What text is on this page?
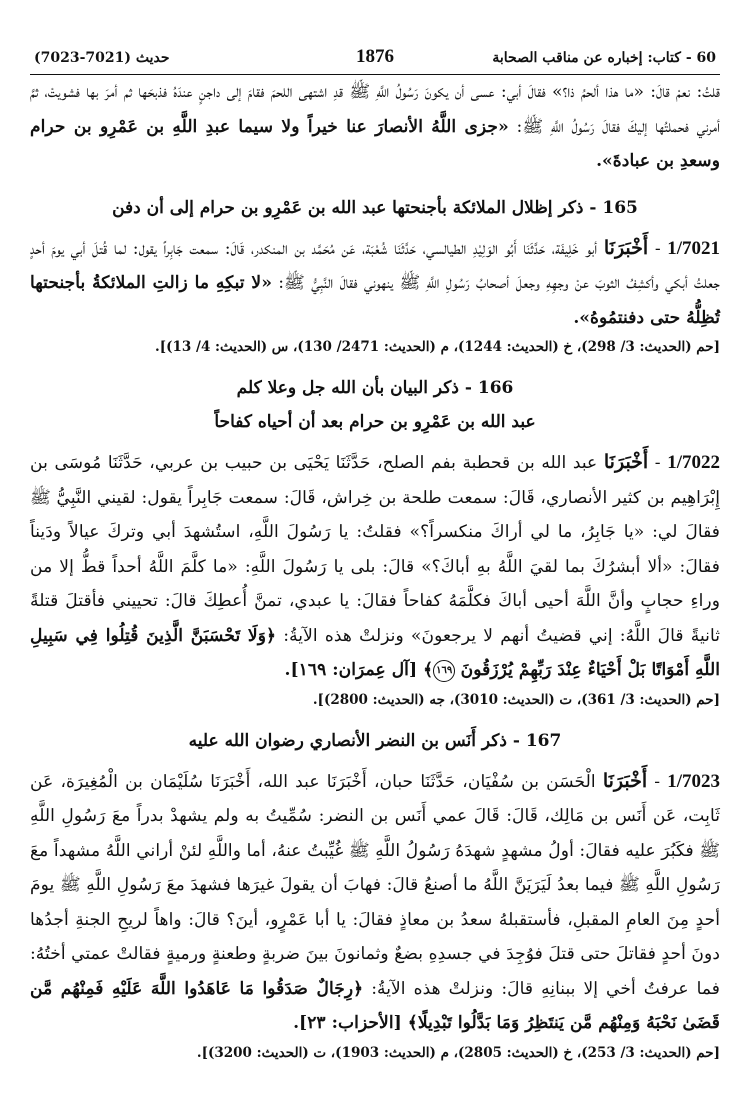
60 - كتاب: إخباره عن مناقب الصحابة
1876
حديث (7021-7023)

قلتُ: نعمْ قالَ: «ما هذا ألحمُ ذا؟» فقالَ أبي: عسى أن يكونَ رَسُولُ اللَّهِ ﷺ قدِ اشتهى اللحمَ فقامَ إلى داجنٍ عندَهُ فذبحَها ثم أمرَ بها فشويتْ، ثمَّ أمرني فحملتُها إليكَ فقالَ رَسُولُ اللَّهِ ﷺ: «جزى اللَّهُ الأنصارَ عنا خيراً ولا سيما عبدِ اللَّهِ بن عَمْرِو بن حرام وسعدِ بن عبادةَ».

165 - ذكر إظلال الملائكة بأجنحتها عبد الله بن عَمْرِو بن حرام إلى أن دفن

1/7021 - أَخْبَرَنَا أبو خَلِيفَة، حَدَّثَنَا أَبُو الوَلِيْدِ الطيالسي، حَدَّثَنَا شُعْبَة، عَن مُحَمَّد بن المنكدر، قَالَ: سمعت جَابِراً يقول: لما قُتلَ أبي يومَ أحدٍ جعلتُ أبكي وأكشِفُ الثوبَ عنْ وجهِهِ وجعلَ أصحابُ رَسُولِ اللَّهِ ﷺ ينهوني فقالَ النَّبِيُّ ﷺ: «لا تبكِهِ ما زالتِ الملائكةُ بأجنحتها تُظِلُّهُ حتى دفنتمُوهُ».

[حم (الحديث: 3/ 298)، خ (الحديث: 1244)، م (الحديث: 2471/ 130)، س (الحديث: 4/ 13)].

166 - ذكر البيان بأن الله جل وعلا كلم
عبد الله بن عَمْرِو بن حرام بعد أن أحياه كفاحاً

1/7022 - أَخْبَرَنَا عبد الله بن قحطبة بفم الصلح، حَدَّثَنَا يَحْيَى بن حبيب بن عربي، حَدَّثَنَا مُوسَى بن إِبْرَاهِيم بن كثير الأنصاري، قَالَ: سمعت طلحة بن خِراش، قَالَ: سمعت جَابِراً يقول: لقيني النَّبِيُّ ﷺ فقالَ لي: «يا جَابِرُ، ما لي أراكَ منكسراً؟» فقلتُ: يا رَسُولَ اللَّهِ، استُشهدَ أبي وتركَ عيالاً ودَيناً فقالَ: «ألا أبشرُكَ بما لقيَ اللَّهُ بهِ أباكَ؟» قالَ: بلى يا رَسُولَ اللَّهِ: «ما كلَّمَ اللَّهُ أحداً قطُّ إلا من وراءِ حجابٍ وأنَّ اللَّهَ أحيى أباكَ فكلَّمَهُ كفاحاً فقالَ: يا عبدي، تمنَّ أُعطِكَ قالَ: تحييني فأقتلَ قتلةً ثانيةً قالَ اللَّهُ: إني قضيتُ أنهم لا يرجعونَ» ونزلتْ هذه الآيةُ: ﴿وَلَا تَحْسَبَنَّ الَّذِينَ قُتِلُوا فِي سَبِيلِ اللَّهِ أَمْوَاتًا بَلْ أَحْيَاءٌ عِنْدَ رَبِّهِمْ يُرْزَقُونَ ١٦٩﴾ [آل عِمرَان: ١٦٩].

[حم (الحديث: 3/ 361)، ت (الحديث: 3010)، جه (الحديث: 2800)].

167 - ذكر أَنَس بن النضر الأنصاري رضوان الله عليه

1/7023 - أَخْبَرَنَا الْحَسَن بن سُفْيَان، حَدَّثَنَا حبان، أَخْبَرَنَا عبد الله، أَخْبَرَنَا سُلَيْمَان بن الْمُغِيرَة، عَن ثَابِت، عَن أَنَس بن مَالِك، قَالَ: قَالَ عمي أَنَس بن النضر: سُمِّيتُ به ولم يشهدْ بدراً معَ رَسُولِ اللَّهِ ﷺ فكَبُرَ عليه فقالَ: أولُ مشهدٍ شهدَهُ رَسُولُ اللَّهِ ﷺ غُيِّبتُ عنهُ، أما واللَّهِ لئنْ أراني اللَّهُ مشهداً معَ رَسُولِ اللَّهِ ﷺ فيما بعدُ لَيَرَيَنَّ اللَّهُ ما أصنعُ قالَ: فهابَ أن يقولَ غيرَها فشهدَ معَ رَسُولِ اللَّهِ ﷺ يومَ أحدٍ مِنَ العامِ المقبلِ، فأستقبلهُ سعدُ بن معاذٍ فقالَ: يا أبا عَمْرٍو، أينَ؟ قالَ: واهاً لريحِ الجنةِ أجدُها دونَ أحدٍ فقاتلَ حتى قتلَ فوُجِدَ في جسدِهِ بضعٌ وثمانونَ بينَ ضربةٍ وطعنةٍ ورميةٍ فقالتْ عمتي أختُهُ: فما عرفتُ أخي إلا ببنانِهِ قالَ: ونزلتْ هذه الآيةُ: ﴿رِجَالٌ صَدَقُوا مَا عَاهَدُوا اللَّهَ عَلَيْهِ فَمِنْهُم مَّن قَضَىٰ نَحْبَهُ وَمِنْهُم مَّن يَنتَظِرُ وَمَا بَدَّلُوا تَبْدِيلًا﴾ [الأحزاب: ٢٣].

[حم (الحديث: 3/ 253)، خ (الحديث: 2805)، م (الحديث: 1903)، ت (الحديث: 3200)].
